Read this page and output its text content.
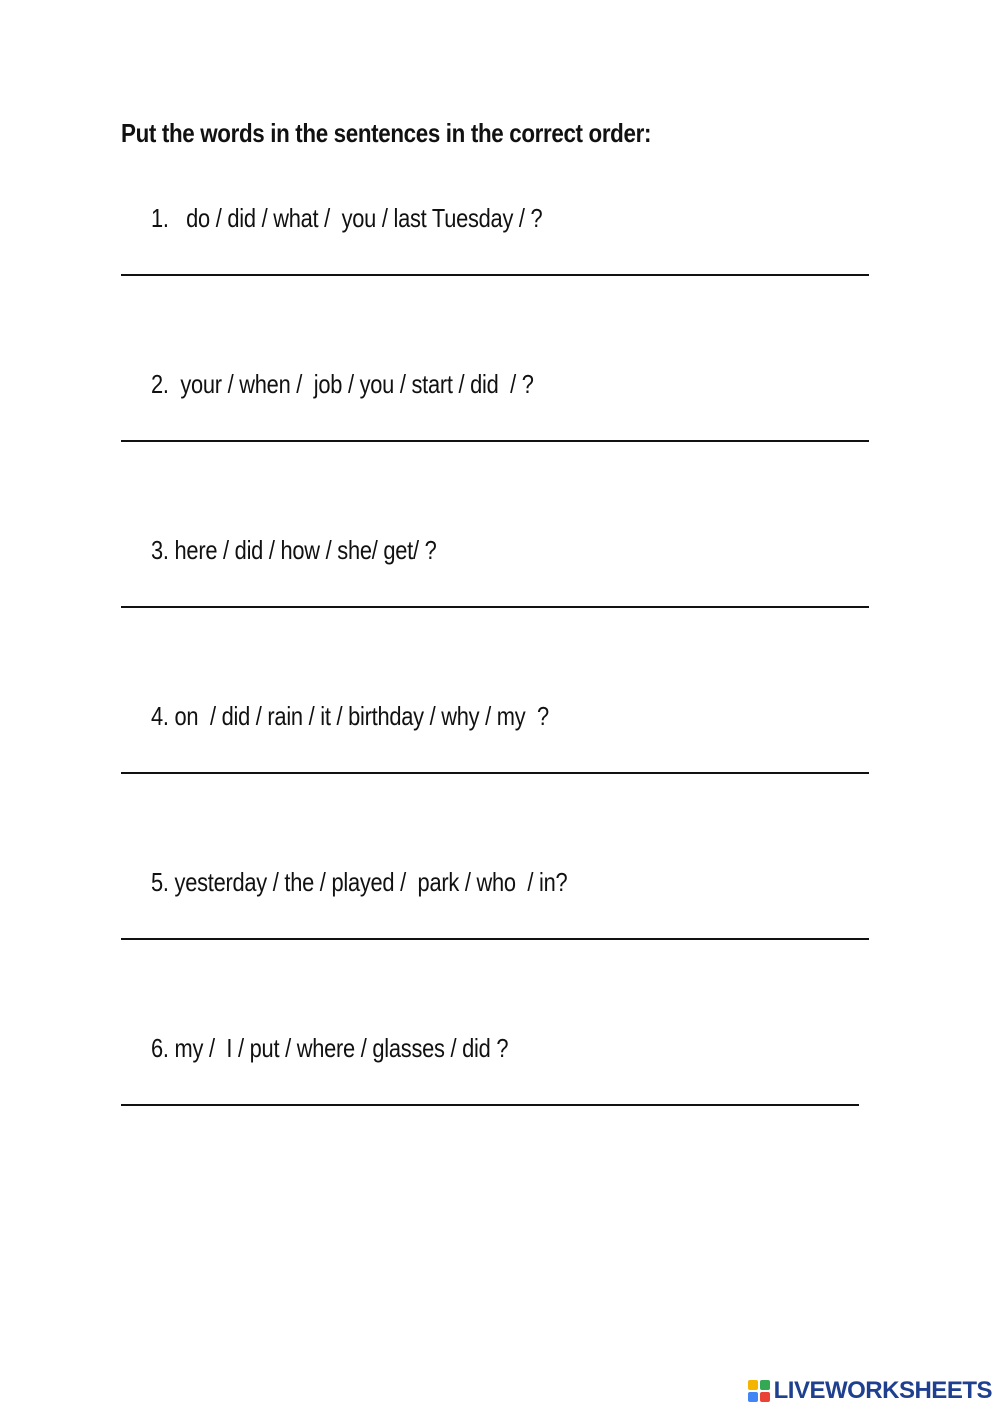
Put the words in the sentences in the correct order:

1.   do / did / what /  you / last Tuesday / ?

2.  your / when /  job / you / start / did  / ?

3. here / did / how / she/ get/ ?

4. on  / did / rain / it / birthday / why / my  ?

5. yesterday / the / played /  park / who  / in?

6. my /  I / put / where / glasses / did ?

LIVEWORKSHEETS
